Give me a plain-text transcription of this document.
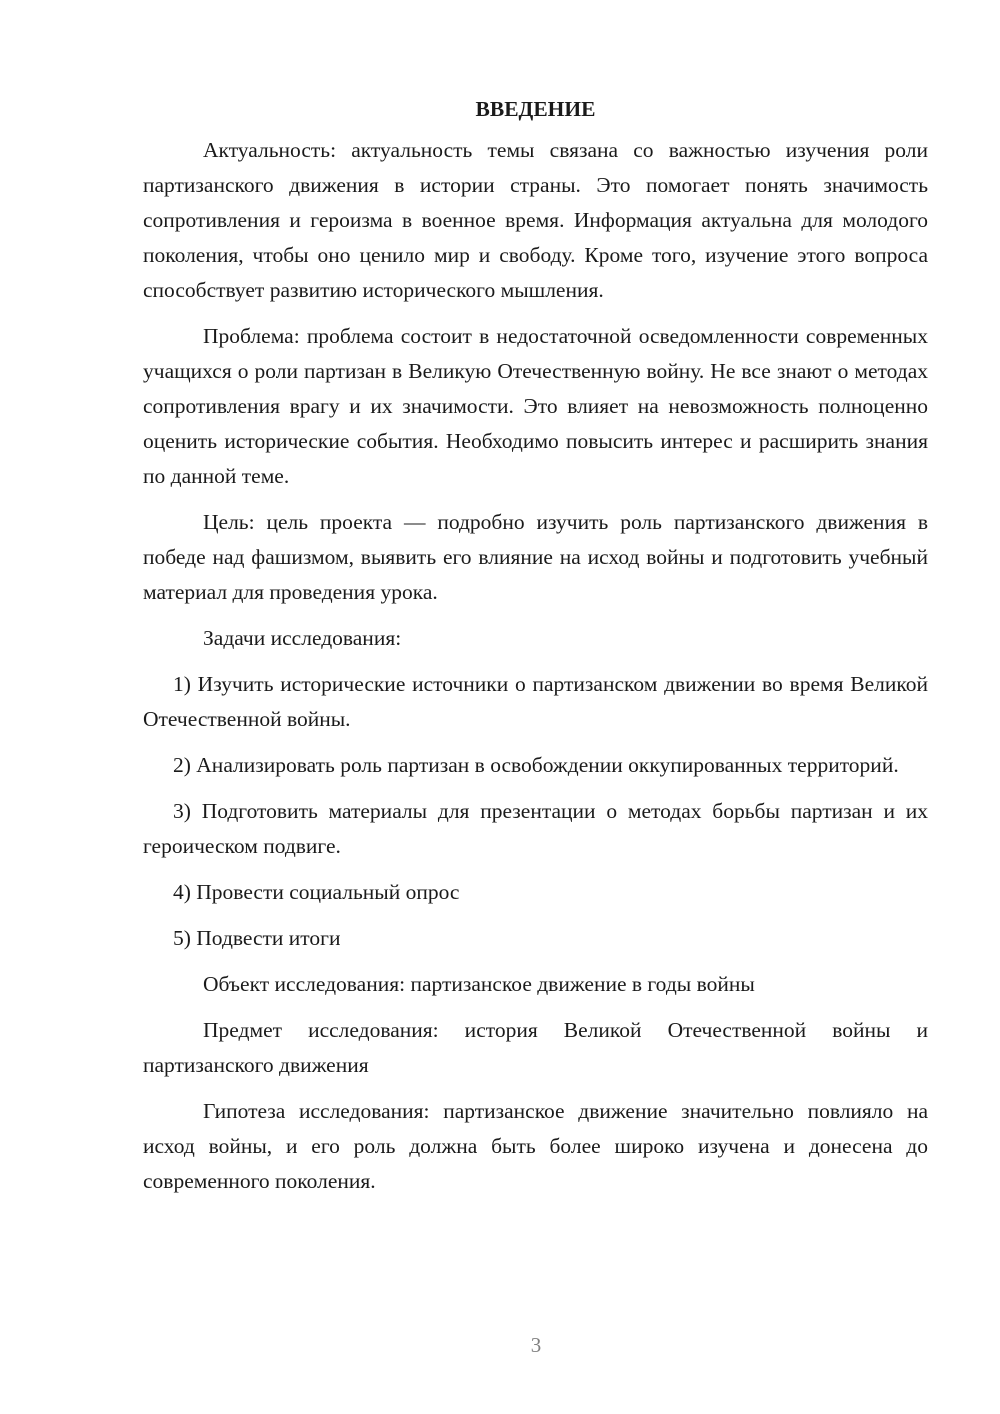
ВВЕДЕНИЕ

Актуальность: актуальность темы связана со важностью изучения роли партизанского движения в истории страны. Это помогает понять значимость сопротивления и героизма в военное время. Информация актуальна для молодого поколения, чтобы оно ценило мир и свободу. Кроме того, изучение этого вопроса способствует развитию исторического мышления.

Проблема: проблема состоит в недостаточной осведомленности современных учащихся о роли партизан в Великую Отечественную войну. Не все знают о методах сопротивления врагу и их значимости. Это влияет на невозможность полноценно оценить исторические события. Необходимо повысить интерес и расширить знания по данной теме.

Цель: цель проекта — подробно изучить роль партизанского движения в победе над фашизмом, выявить его влияние на исход войны и подготовить учебный материал для проведения урока.

Задачи исследования:

1) Изучить исторические источники о партизанском движении во время Великой Отечественной войны.

2) Анализировать роль партизан в освобождении оккупированных территорий.

3) Подготовить материалы для презентации о методах борьбы партизан и их героическом подвиге.

4) Провести социальный опрос

5) Подвести итоги

Объект исследования: партизанское движение в годы войны

Предмет исследования: история Великой Отечественной войны и партизанского движения

Гипотеза исследования: партизанское движение значительно повлияло на исход войны, и его роль должна быть более широко изучена и донесена до современного поколения.

3
